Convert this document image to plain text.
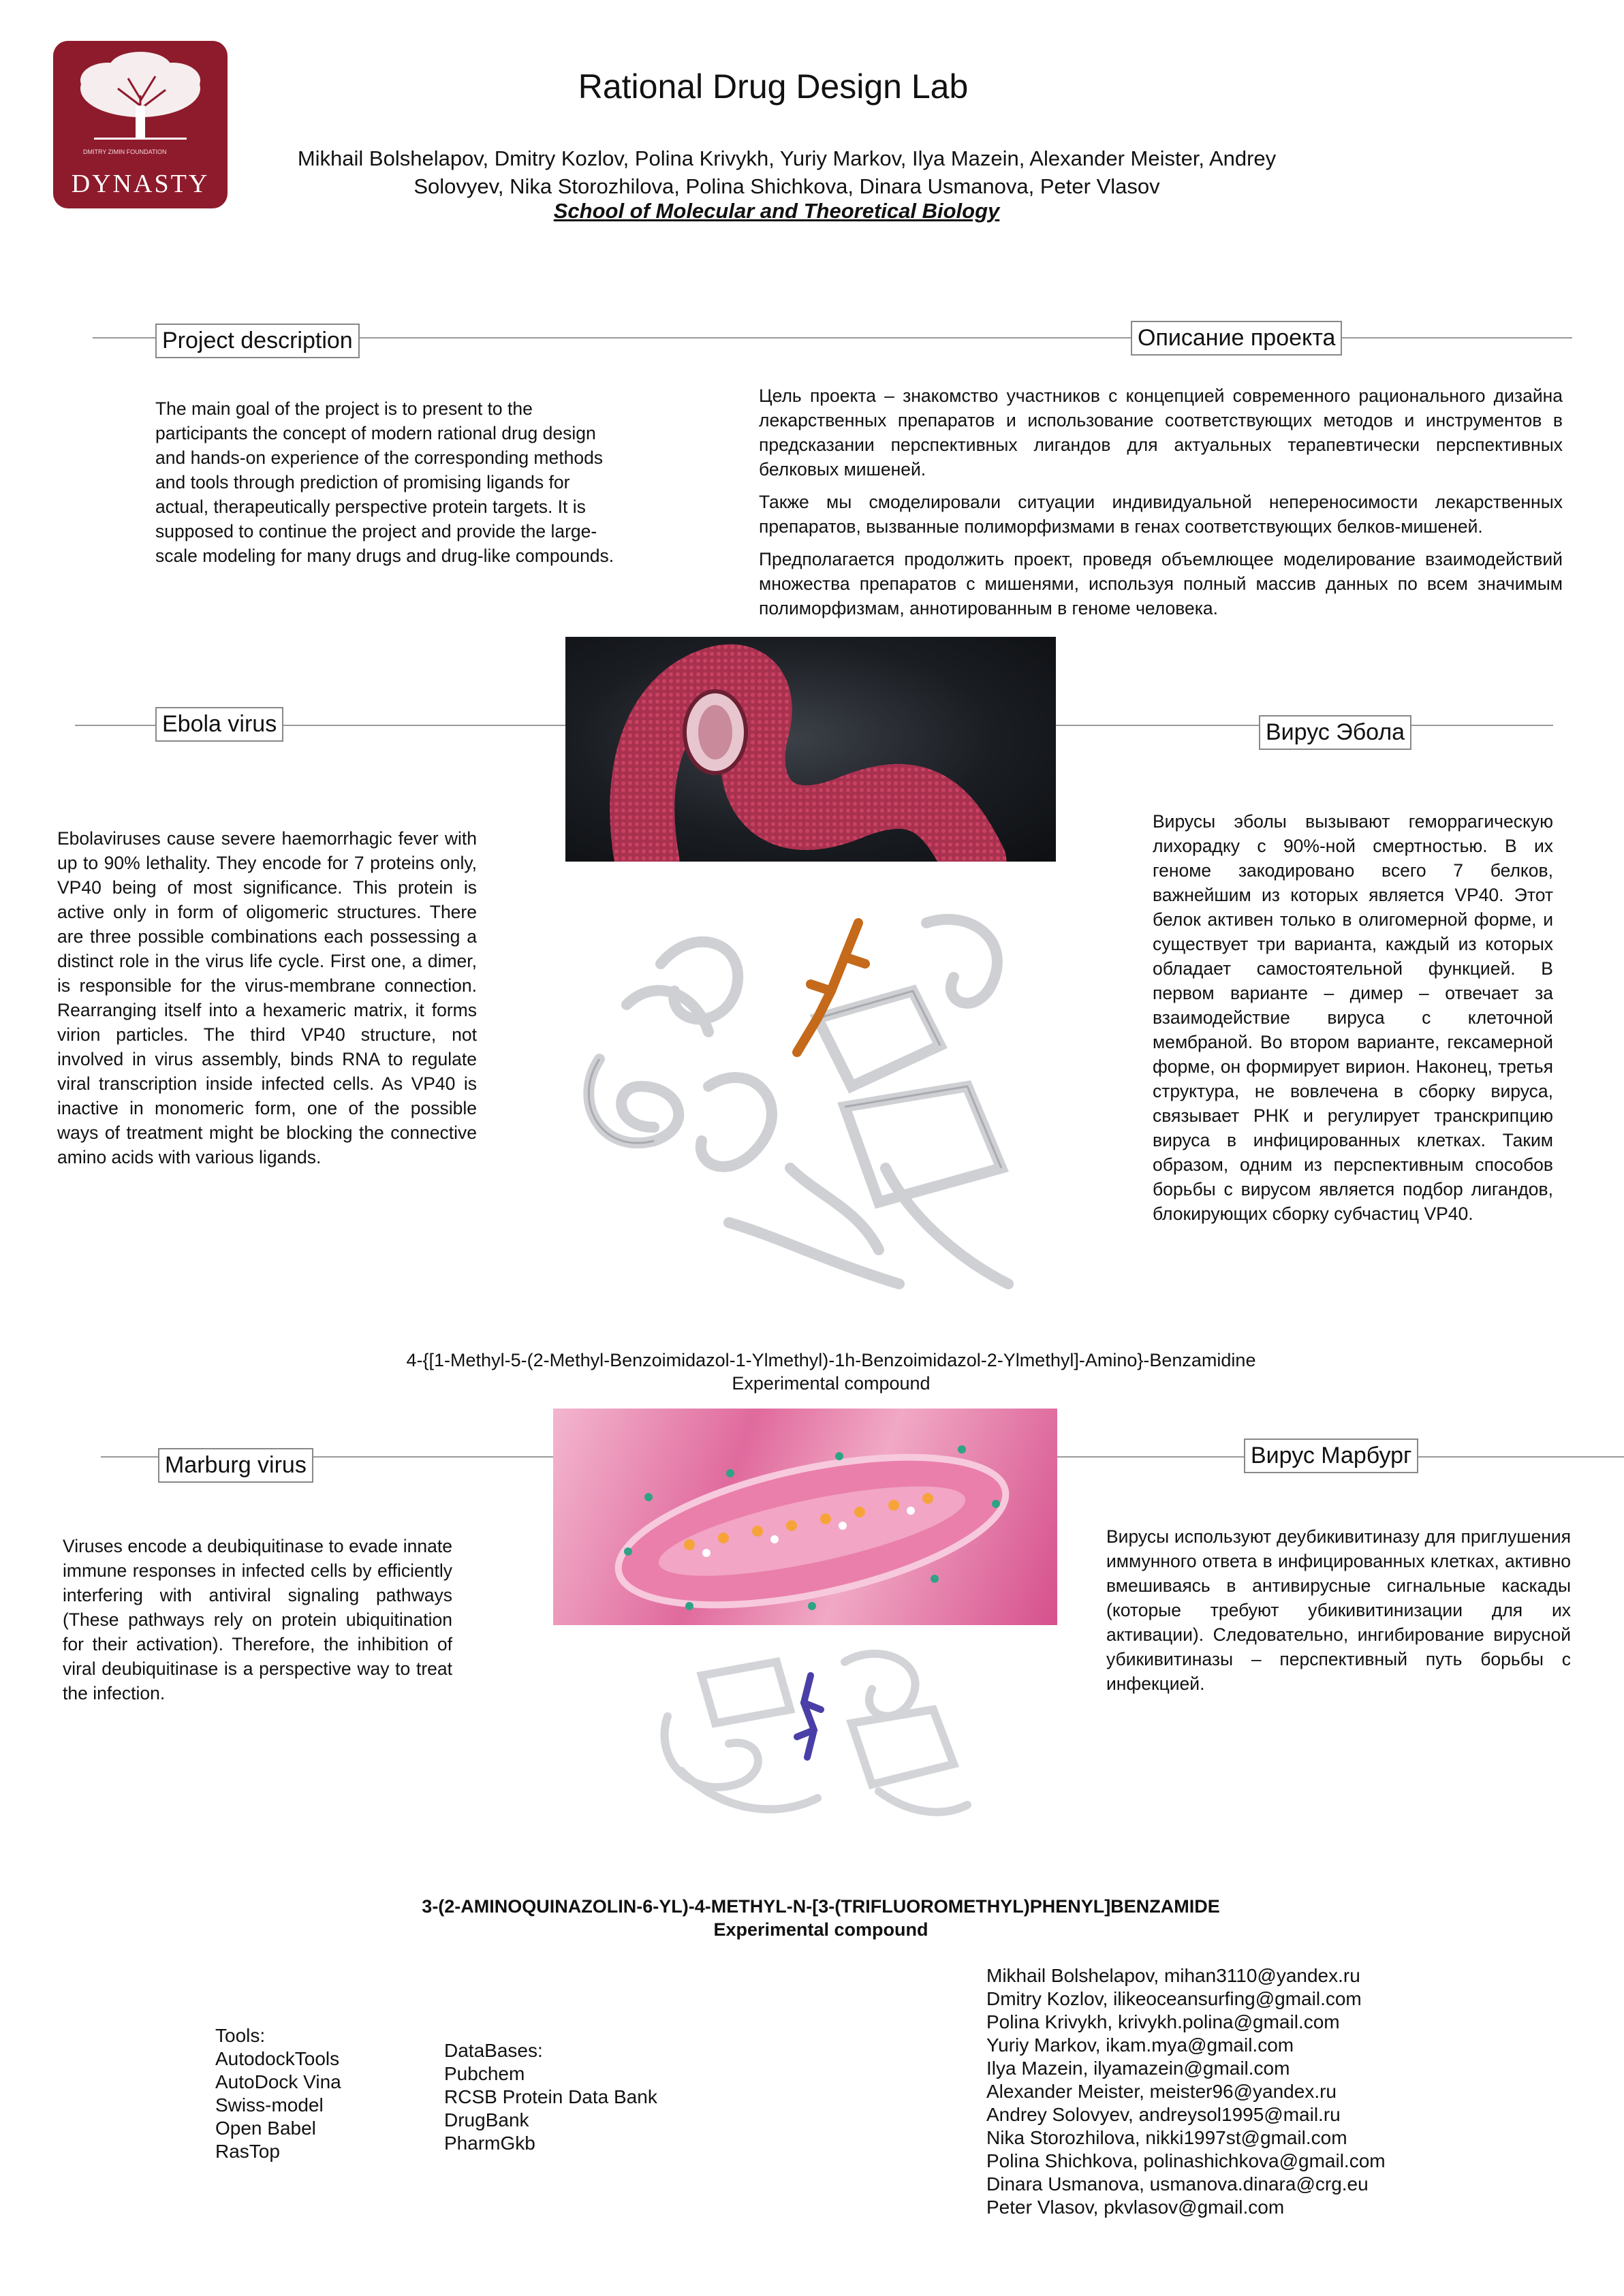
DMITRY ZIMIN FOUNDATION
DYNASTY
Rational Drug Design Lab
Mikhail Bolshelapov, Dmitry Kozlov, Polina Krivykh, Yuriy Markov, Ilya Mazein, Alexander Meister, Andrey Solovyev, Nika Storozhilova, Polina Shichkova, Dinara Usmanova, Peter Vlasov
School of Molecular and Theoretical Biology
Project description	Описание проекта
The main goal of the project is to present to the participants the concept of modern rational drug design and hands-on experience of the corresponding methods and tools through prediction of promising ligands for actual, therapeutically perspective protein targets. It is supposed to continue the project and provide the large-scale modeling for many drugs and drug-like compounds.

Цель проекта – знакомство участников с концепцией современного рационального дизайна лекарственных препаратов и использование соответствующих методов и инструментов в предсказании перспективных лигандов для актуальных терапевтически перспективных белковых мишеней.

Также мы смоделировали ситуации индивидуальной непереносимости лекарственных препаратов, вызванные полиморфизмами в генах соответствующих белков-мишеней.

Предполагается продолжить проект, проведя объемлющее моделирование взаимодействий множества препаратов с мишенями, используя полный массив данных по всем значимым полиморфизмам, аннотированным в геноме человека.

Ebola virus	Вирус Эбола
Ebolaviruses cause severe haemorrhagic fever with up to 90% lethality. They encode for 7 proteins only, VP40 being of most significance. This protein is active only in form of oligomeric structures. There are three possible combinations each possessing a distinct role in the virus life cycle. First one, a dimer, is responsible for the virus-membrane connection. Rearranging itself into a hexameric matrix, it forms virion particles. The third VP40 structure, not involved in virus assembly, binds RNA to regulate viral transcription inside infected cells. As VP40 is inactive in monomeric form, one of the possible ways of treatment might be blocking the connective amino acids with various ligands.
Вирусы эболы вызывают геморрагическую лихорадку с 90%-ной смертностью. В их геноме закодировано всего 7 белков, важнейшим из которых является VP40. Этот белок активен только в олигомерной форме, и существует три варианта, каждый из которых обладает самостоятельной функцией. В первом варианте – димер – отвечает за взаимодействие вируса с клеточной мембраной. Во втором варианте, гексамерной форме, он формирует вирион. Наконец, третья структура, не вовлечена в сборку вируса, связывает РНК и регулирует транскрипцию вируса в инфицированных клетках. Таким образом, одним из перспективным способов борьбы с вирусом является подбор лигандов, блокирующих сборку субчастиц VP40.
4-{[1-Methyl-5-(2-Methyl-Benzoimidazol-1-Ylmethyl)-1h-Benzoimidazol-2-Ylmethyl]-Amino}-Benzamidine
Experimental compound
Marburg virus	Вирус Марбург
Viruses encode a deubiquitinase to evade innate immune responses in infected cells by efficiently interfering with antiviral signaling pathways (These pathways rely on protein ubiquitination for their activation). Therefore, the inhibition of viral deubiquitinase is a perspective way to treat the infection.
Вирусы используют деубикивитиназу для приглушения иммунного ответа в инфицированных клетках, активно вмешиваясь в антивирусные сигнальные каскады (которые требуют убикивитинизации для их активации). Следовательно, ингибирование вирусной убикивитиназы – перспективный путь борьбы с инфекцией.
3-(2-AMINOQUINAZOLIN-6-YL)-4-METHYL-N-[3-(TRIFLUOROMETHYL)PHENYL]BENZAMIDE
Experimental compound
Tools:
AutodockTools
AutoDock Vina
Swiss-model
Open Babel
RasTop
DataBases:
Pubchem
RCSB Protein Data Bank
DrugBank
PharmGkb
Mikhail Bolshelapov, mihan3110@yandex.ru
Dmitry Kozlov, ilikeoceansurfing@gmail.com
Polina Krivykh, krivykh.polina@gmail.com
Yuriy Markov, ikam.mya@gmail.com
Ilya Mazein, ilyamazein@gmail.com
Alexander Meister, meister96@yandex.ru
Andrey Solovyev, andreysol1995@mail.ru
Nika Storozhilova, nikki1997st@gmail.com
Polina Shichkova, polinashichkova@gmail.com
Dinara Usmanova, usmanova.dinara@crg.eu
Peter Vlasov, pkvlasov@gmail.com
